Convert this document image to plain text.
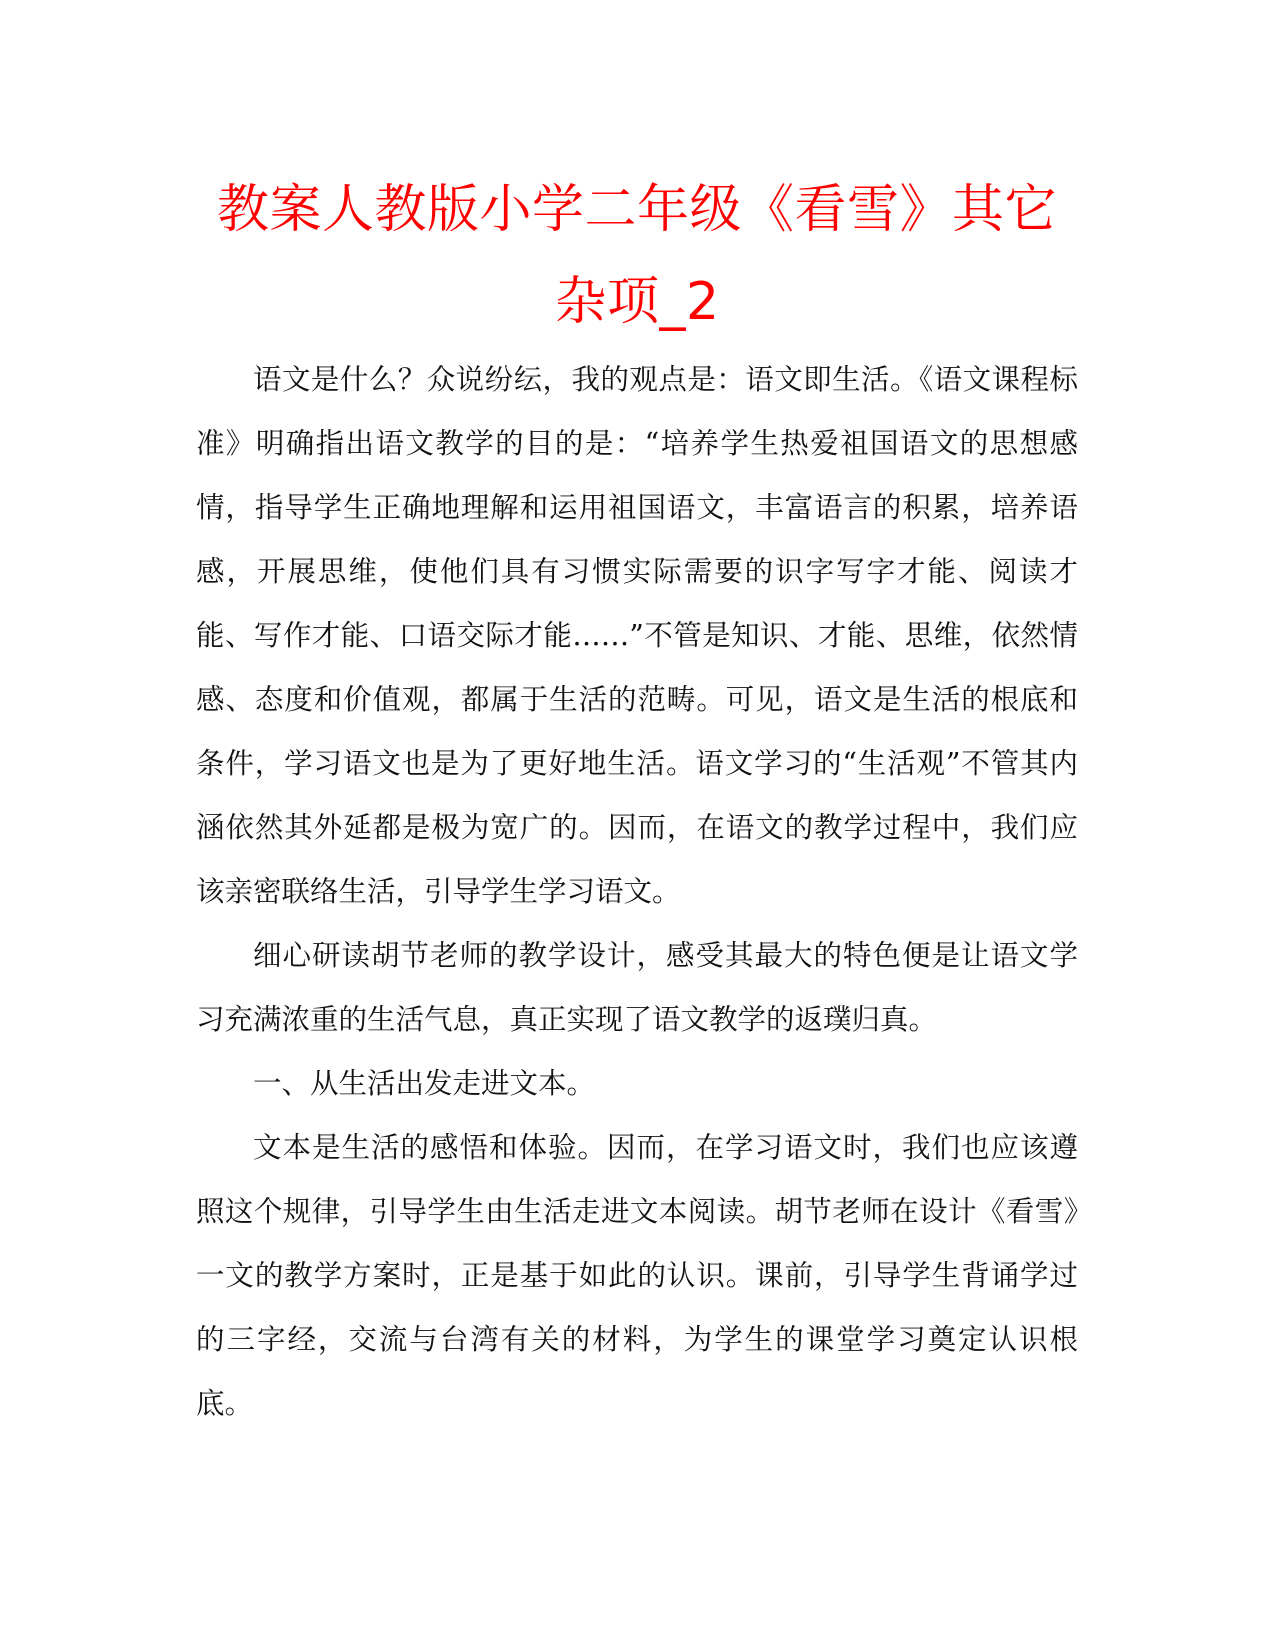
教案人教版小学二年级《看雪》其它杂项_2

语文是什么？众说纷纭，我的观点是：语文即生活。《语文课程标准》明确指出语文教学的目的是：“培养学生热爱祖国语文的思想感情，指导学生正确地理解和运用祖国语文，丰富语言的积累，培养语感，开展思维，使他们具有习惯实际需要的识字写字才能、阅读才能、写作才能、口语交际才能……”不管是知识、才能、思维，依然情感、态度和价值观，都属于生活的范畴。可见，语文是生活的根底和条件，学习语文也是为了更好地生活。语文学习的“生活观”不管其内涵依然其外延都是极为宽广的。因而，在语文的教学过程中，我们应该亲密联络生活，引导学生学习语文。

细心研读胡节老师的教学设计，感受其最大的特色便是让语文学习充满浓重的生活气息，真正实现了语文教学的返璞归真。

一、从生活出发走进文本。

文本是生活的感悟和体验。因而，在学习语文时，我们也应该遵照这个规律，引导学生由生活走进文本阅读。胡节老师在设计《看雪》一文的教学方案时，正是基于如此的认识。课前，引导学生背诵学过的三字经，交流与台湾有关的材料，为学生的课堂学习奠定认识根底。
